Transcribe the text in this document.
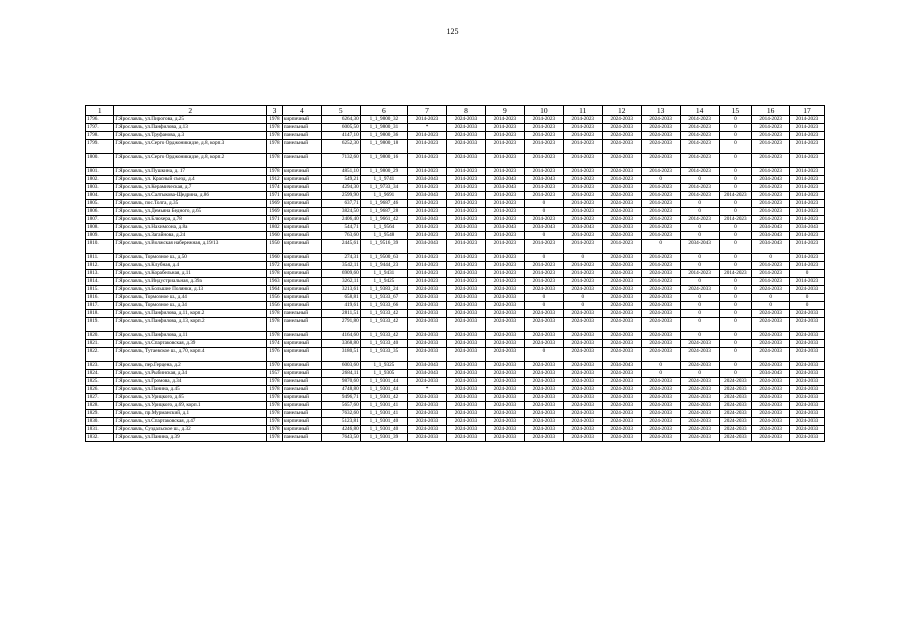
125
1	2	3	4	5	6	7	8	9	10	11	12	13	14	15	16	17
1796.	Г.Ярославль, ул.Пирогова, д.25	1978	кирпичный	6264,30	1_1_9800_32	2014-2023	2024-2033	2014-2023	2014-2023	2014-2023	2024-2033	2024-2033	2014-2023	0	2014-2023	2014-2023
1797.	Г.Ярославль, ул.Панфилова, д.13	1978	панельный	6005,50	1_1_9800_31	*	2024-2033	2014-2023	2014-2023	2014-2023	2024-2033	2024-2033	2014-2023	0	2014-2023	2014-2023
1798.	Г.Ярославль, ул.Труфанова, д.3	1978	панельный	4147,10	1_1_9800_36	2014-2023	2024-2033	2014-2023	2014-2023	2014-2023	2024-2033	2024-2033	2014-2023	0	2014-2023	2014-2023
1799.	Г.Ярославль, ул.Серго Орджоникидзе, д.8, корп.3	1978	панельный	6252,30	1_1_9800_18	2014-2023	2024-2033	2014-2023	2014-2023	2014-2023	2024-2033	2024-2033	2014-2023	0	2014-2023	2014-2023
1800.	Г.Ярославль, ул.Серго Орджоникидзе, д.8, корп.2	1978	панельный	7132,60	1_1_9800_16	2014-2023	2024-2033	2014-2023	2014-2023	2014-2023	2024-2033	2024-2033	2014-2023	0	2014-2023	2014-2023
1801.	Г.Ярославль, ул.Пушкина, д. 17	1978	кирпичный	4851,10	1_1_9800_29	2014-2023	2014-2023	2014-2023	2014-2023	2014-2023	2024-2033	2014-2023	2014-2023	0	2014-2023	2014-2023
1802.	Г.Ярославль, ул. Красный съезд, д.4	1912	кирпичный	549,21	1_1_9741	2034-2043	2014-2023	2034-2043	2034-2043	2014-2023	2014-2023	0	0	0	2034-2043	2014-2023
1803.	Г.Ярославль, ул.Керамическая, д.7	1974	кирпичный	4294,30	1_1_9733_34	2014-2023	2014-2023	2034-2043	2014-2023	2014-2023	2024-2033	2014-2023	2014-2023	0	2014-2023	2014-2023
1804.	Г.Ярославль, ул.Салтыкова-Щедрина, д.86	1971	кирпичный	2599,90	1_1_9691	2034-2043	2014-2023	2014-2023	2014-2023	2014-2023	2024-2033	2014-2023	2014-2023	2014-2023	2014-2023	2014-2023
1805.	Г.Ярославль, пос.Толга, д.35	1969	кирпичный	637,71	1_1_9687_46	2014-2023	2014-2023	2014-2023	0	2014-2023	2024-2033	2014-2023	0	0	2014-2023	2014-2023
1806.	Г.Ярославль, ул.Демьяна Бедного, д.65	1969	кирпичный	3824,50	1_1_9687_28	2014-2023	2014-2023	2014-2023	0	2014-2023	2024-2033	2014-2023	0	0	2014-2023	2014-2023
1807.	Г.Ярославль, ул.Блюхера, д.78	1971	кирпичный	2406,40	1_1_9661_42	2034-2043	2014-2023	2014-2023	2014-2023	2014-2023	2024-2033	2014-2023	2014-2023	2014-2023	2014-2023	2014-2023
1808.	Г.Ярославль, ул.Нахимсона, д.8а	1802	кирпичный	544,71	1_1_9564	2014-2023	2024-2033	2034-2043	2034-2043	2034-2043	2024-2033	2014-2023	0	0	2034-2043	2034-2043
1809.	Г.Ярославль, ул.Загайнова, д.24	1960	кирпичный	763,60	1_1_9548	2014-2023	2014-2023	2014-2023	0	2014-2023	2024-2033	2014-2023	0	0	2034-2043	2014-2023
1810.	Г.Ярославль, ул.Волжская набережная, д.19/13	1950	кирпичный	2445,61	1_1_9516_39	2034-2043	2014-2023	2014-2023	2014-2023	2014-2023	2014-2023	0	2034-2043	0	2034-2043	2014-2023
1811.	Г.Ярославль, Тормозное ш., д.50	1960	кирпичный	274,31	1_1_9500_63	2014-2023	2014-2023	2014-2023	0	0	2024-2033	2014-2023	0	0	0	2014-2023
1812.	Г.Ярославль, ул.Клубная, д.4	1972	кирпичный	3542,11	1_1_9444_23	2014-2023	2014-2023	2014-2023	2014-2023	2014-2023	2024-2033	2014-2023	0	0	2014-2023	2014-2023
1813.	Г.Ярославль, ул.Корабельная, д.11	1978	кирпичный	6909,60	1_1_9431	2014-2023	2024-2033	2014-2023	2014-2023	2014-2023	2024-2033	2024-2033	2014-2023	2014-2023	2014-2023	0
1814.	Г.Ярославль, ул.Индустриальная, д.39а	1963	кирпичный	3262,11	1_1_9425	2014-2023	2014-2023	2014-2023	2014-2023	2014-2023	2024-2033	2014-2023	0	0	2014-2023	2014-2023
1815.	Г.Ярославль, ул.Большие Полянки, д.13	1964	кирпичный	3213,61	1_1_9383_24	2024-2033	2024-2033	2024-2033	2024-2033	2024-2033	2024-2033	2024-2033	2024-2033	0	2024-2033	2024-2033
1816.	Г.Ярославль, Тормозное ш., д.44	1956	кирпичный	658,81	1_1_9333_67	2024-2033	2024-2033	2024-2033	0	0	2024-2033	2024-2033	0	0	0	0
1817.	Г.Ярославль, Тормозное ш., д.34	1956	кирпичный	419,61	1_1_9333_66	2024-2033	2024-2033	2024-2033	0	0	2024-2033	2024-2033	0	0	0	0
1818.	Г.Ярославль, ул.Панфилова, д.11, корп.2	1978	панельный	2811,51	1_1_9333_42	2024-2033	2024-2033	2024-2033	2024-2033	2024-2033	2024-2033	2024-2033	0	0	2024-2033	2024-2033
1819.	Г.Ярославль, ул.Панфилова, д.13, корп.2	1978	панельный	2791,80	1_1_9333_42	2024-2033	2024-2033	2024-2033	2024-2033	2024-2033	2024-2033	2024-2033	0	0	2024-2033	2024-2033
1820.	Г.Ярославль, ул.Панфилова, д.11	1978	панельный	4164,60	1_1_9333_42	2024-2033	2024-2033	2024-2033	2024-2033	2024-2033	2024-2033	2024-2033	0	0	2024-2033	2024-2033
1821.	Г.Ярославль, ул.Спартаковская, д.39	1974	кирпичный	3368,80	1_1_9333_40	2024-2033	2024-2033	2024-2033	2024-2033	2024-2033	2024-2033	2024-2033	2024-2033	0	2024-2033	2024-2033
1822.	Г.Ярославль, Тутаевское ш., д.70, корп.4	1976	кирпичный	3180,51	1_1_9333_35	2024-2033	2024-2033	2024-2033	0	2024-2033	2024-2033	2024-2033	2024-2033	0	2024-2033	2024-2033
1823.	Г.Ярославль, пер.Герцена, д.2	1970	кирпичный	6003,60	1_1_9325	2034-2043	2024-2033	2024-2033	2024-2033	2024-2033	2034-2043	0	2024-2033	0	2024-2033	2024-2033
1824.	Г.Ярославль, ул.Рыбинская, д.34	1957	кирпичный	2684,11	1_1_9305	2034-2043	2024-2033	2024-2033	2024-2033	2024-2033	2024-2033	0	0	0	2034-2043	2024-2033
1825.	Г.Ярославль, ул.Громова, д.34	1978	панельный	9870,60	1_1_9301_44	2024-2033	2024-2033	2024-2033	2024-2033	2024-2033	2024-2033	2024-2033	2024-2033	2024-2033	2024-2033	2024-2033
1826.	Г.Ярославль, ул.Панина, д.45	1978	панельный	4748,80	1_1_9301_44	*	2024-2033	2024-2033	2024-2033	2024-2033	2024-2033	2024-2033	2024-2033	2024-2033	2024-2033	2024-2033
1827.	Г.Ярославль, ул.Урицкого, д.65	1978	кирпичный	9496,71	1_1_9301_42	2024-2033	2024-2033	2024-2033	2024-2033	2024-2033	2024-2033	2024-2033	2024-2033	2024-2033	2024-2033	2024-2033
1828.	Г.Ярославль, ул.Урицкого, д.69, корп.1	1978	кирпичный	5657,60	1_1_9301_41	2024-2033	2024-2033	2024-2033	2024-2033	2024-2033	2024-2033	2024-2033	2024-2033	2024-2033	2024-2033	2024-2033
1829.	Г.Ярославль, пр.Мурманский, д.1	1978	панельный	7632,60	1_1_9301_41	2024-2033	2024-2033	2024-2033	2024-2033	2024-2033	2024-2033	2024-2033	2024-2033	2024-2033	2024-2033	2024-2033
1830.	Г.Ярославль, ул.Спартаковская, д.47	1978	кирпичный	5123,81	1_1_9301_40	2024-2033	2024-2033	2024-2033	2024-2033	2024-2033	2024-2033	2024-2033	2024-2033	2024-2033	2024-2033	2024-2033
1831.	Г.Ярославль, Суздальское ш., д.32	1978	кирпичный	4246,80	1_1_9301_40	2024-2033	2024-2033	2024-2033	2024-2033	2024-2033	2024-2033	2024-2033	2024-2033	2024-2033	2024-2033	2024-2033
1832.	Г.Ярославль, ул.Панина, д.39	1978	панельный	7643,50	1_1_9301_39	2024-2033	2024-2033	2024-2033	2024-2033	2024-2033	2024-2033	2024-2033	2024-2033	2024-2033	2024-2033	2024-2033
